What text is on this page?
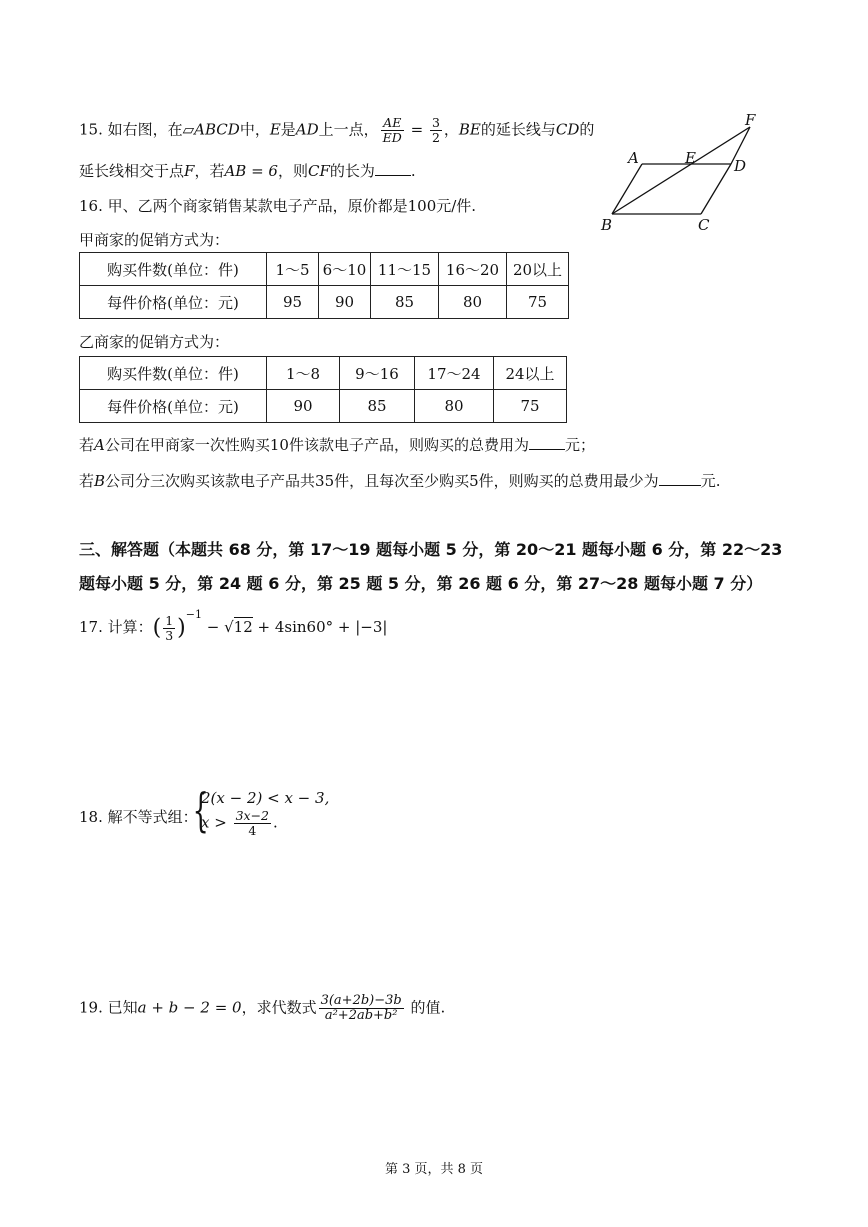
15. 如右图，在▱ABCD中，E是AD上一点， $\frac{AE}{ED} = \frac{3}{2}$ ，BE的延长线与CD的
延长线相交于点F，若AB = 6，则CF的长为 .
A	E	D
F
B	C
16. 甲、乙两个商家销售某款电子产品，原价都是100元/件.
甲商家的促销方式为：
购买件数(单位：件)	1～5	6～10	11～15	16～20	20以上
每件价格(单位：元)	95	90	85	80	75
乙商家的促销方式为：
购买件数(单位：件)	1～8	9～16	17～24	24以上
每件价格(单位：元)	90	85	80	75
若A公司在甲商家一次性购买10件该款电子产品，则购买的总费用为 元；
若B公司分三次购买该款电子产品共35件，且每次至少购买5件，则购买的总费用最少为	元.
三、解答题（本题共 68 分，第 17～19 题每小题 5 分，第 20～21 题每小题 6 分，第 22～23
题每小题 5 分，第 24 题 6 分，第 25 题 5 分，第 26 题 6 分，第 27～28 题每小题 7 分）
17. 计算：( $\frac{1}{3} )^{-1} - √12 + 4\sin 60^\circ + |-3|$
18. 解不等式组：
{
2(x − 2) < x − 3,
$x > \frac{3x-2}{4}$ .
19. 已知a + b − 2 = 0，求代数式 $\frac{3(a+2b)-3b}{\text{a²+2ab+b²}}$ 的值.
第 3 页，共 8 页
